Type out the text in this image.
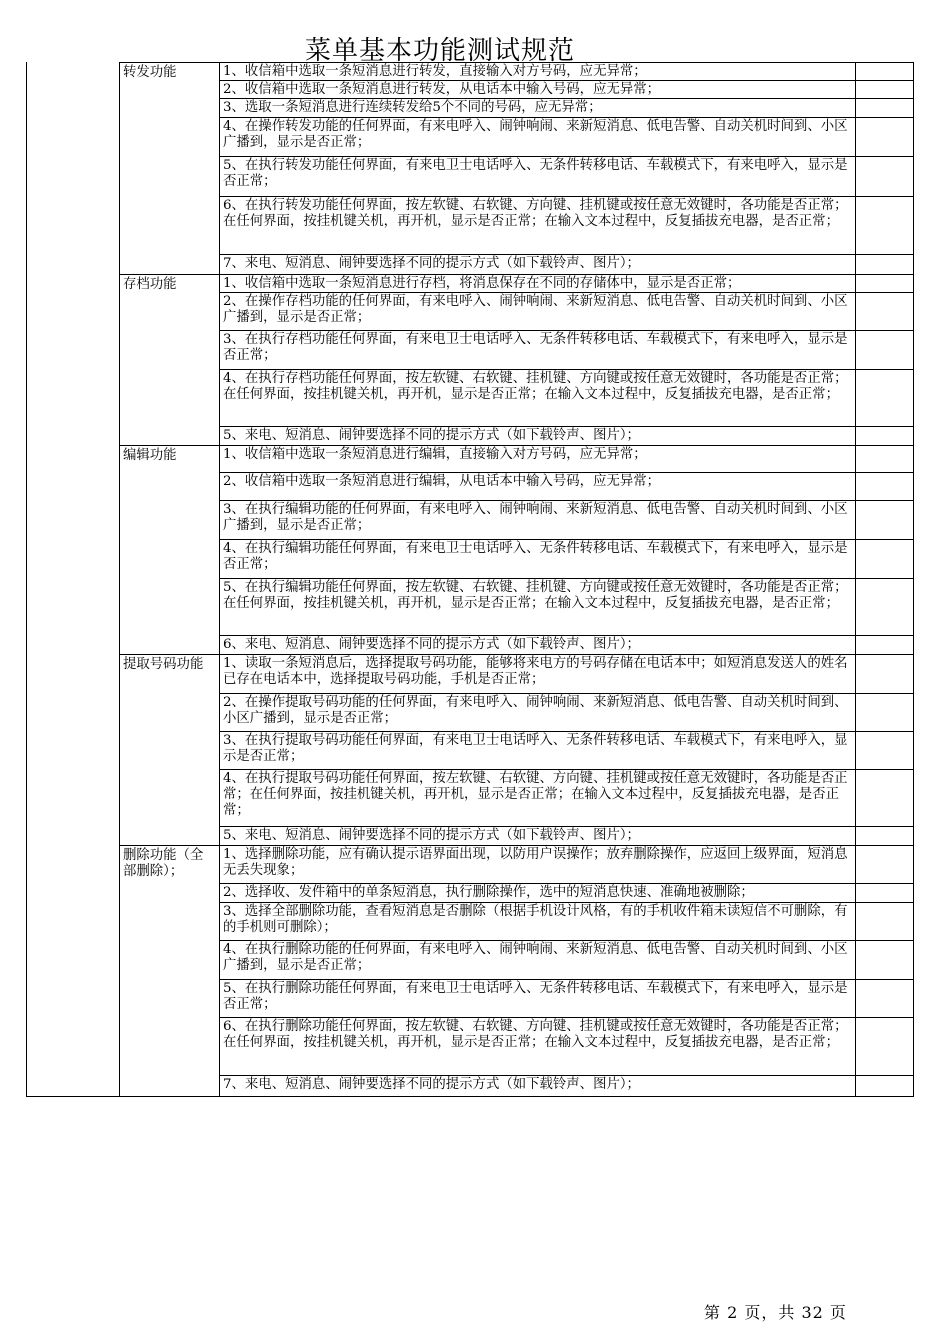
菜单基本功能测试规范
1、收信箱中选取一条短消息进行转发，直接输入对方号码，应无异常；
2、收信箱中选取一条短消息进行转发，从电话本中输入号码，应无异常；
3、选取一条短消息进行连续转发给5个不同的号码，应无异常；
4、在操作转发功能的任何界面，有来电呼入、闹钟响闹、来新短消息、低电告警、自动关机时间到、小区广播到，显示是否正常；
5、在执行转发功能任何界面，有来电卫士电话呼入、无条件转移电话、车载模式下，有来电呼入，显示是否正常；
6、在执行转发功能任何界面，按左软键、右软键、方向键、挂机键或按任意无效键时，各功能是否正常；在任何界面，按挂机键关机，再开机，显示是否正常；在输入文本过程中，反复插拔充电器，是否正常；
7、来电、短消息、闹钟要选择不同的提示方式（如下载铃声、图片）；
转发功能
1、收信箱中选取一条短消息进行存档，将消息保存在不同的存储体中，显示是否正常；
2、在操作存档功能的任何界面，有来电呼入、闹钟响闹、来新短消息、低电告警、自动关机时间到、小区广播到，显示是否正常；
3、在执行存档功能任何界面，有来电卫士电话呼入、无条件转移电话、车载模式下，有来电呼入，显示是否正常；
4、在执行存档功能任何界面，按左软键、右软键、挂机键、方向键或按任意无效键时，各功能是否正常；在任何界面，按挂机键关机，再开机，显示是否正常；在输入文本过程中，反复插拔充电器，是否正常；
5、来电、短消息、闹钟要选择不同的提示方式（如下载铃声、图片）；
存档功能
1、收信箱中选取一条短消息进行编辑，直接输入对方号码，应无异常；
2、收信箱中选取一条短消息进行编辑，从电话本中输入号码，应无异常；
3、在执行编辑功能的任何界面，有来电呼入、闹钟响闹、来新短消息、低电告警、自动关机时间到、小区广播到，显示是否正常；
4、在执行编辑功能任何界面，有来电卫士电话呼入、无条件转移电话、车载模式下，有来电呼入，显示是否正常；
5、在执行编辑功能任何界面，按左软键、右软键、挂机键、方向键或按任意无效键时，各功能是否正常；在任何界面，按挂机键关机，再开机，显示是否正常；在输入文本过程中，反复插拔充电器，是否正常；
6、来电、短消息、闹钟要选择不同的提示方式（如下载铃声、图片）；
编辑功能
1、读取一条短消息后，选择提取号码功能，能够将来电方的号码存储在电话本中；如短消息发送人的姓名已存在电话本中，选择提取号码功能，手机是否正常；
2、在操作提取号码功能的任何界面，有来电呼入、闹钟响闹、来新短消息、低电告警、自动关机时间到、小区广播到，显示是否正常；
3、在执行提取号码功能任何界面，有来电卫士电话呼入、无条件转移电话、车载模式下，有来电呼入，显示是否正常；
4、在执行提取号码功能任何界面，按左软键、右软键、方向键、挂机键或按任意无效键时，各功能是否正常；在任何界面，按挂机键关机，再开机，显示是否正常；在输入文本过程中，反复插拔充电器，是否正常；
5、来电、短消息、闹钟要选择不同的提示方式（如下载铃声、图片）；
提取号码功能
1、选择删除功能，应有确认提示语界面出现，以防用户误操作；放弃删除操作，应返回上级界面，短消息无丢失现象；
2、选择收、发件箱中的单条短消息，执行删除操作，选中的短消息快速、准确地被删除；
3、选择全部删除功能，查看短消息是否删除（根据手机设计风格，有的手机收件箱未读短信不可删除，有的手机则可删除）；
4、在执行删除功能的任何界面，有来电呼入、闹钟响闹、来新短消息、低电告警、自动关机时间到、小区广播到，显示是否正常；
5、在执行删除功能任何界面，有来电卫士电话呼入、无条件转移电话、车载模式下，有来电呼入，显示是否正常；
6、在执行删除功能任何界面，按左软键、右软键、方向键、挂机键或按任意无效键时，各功能是否正常；在任何界面，按挂机键关机，再开机，显示是否正常；在输入文本过程中，反复插拔充电器，是否正常；
7、来电、短消息、闹钟要选择不同的提示方式（如下载铃声、图片）；
删除功能（全部删除）；
第 2 页，共 32 页
